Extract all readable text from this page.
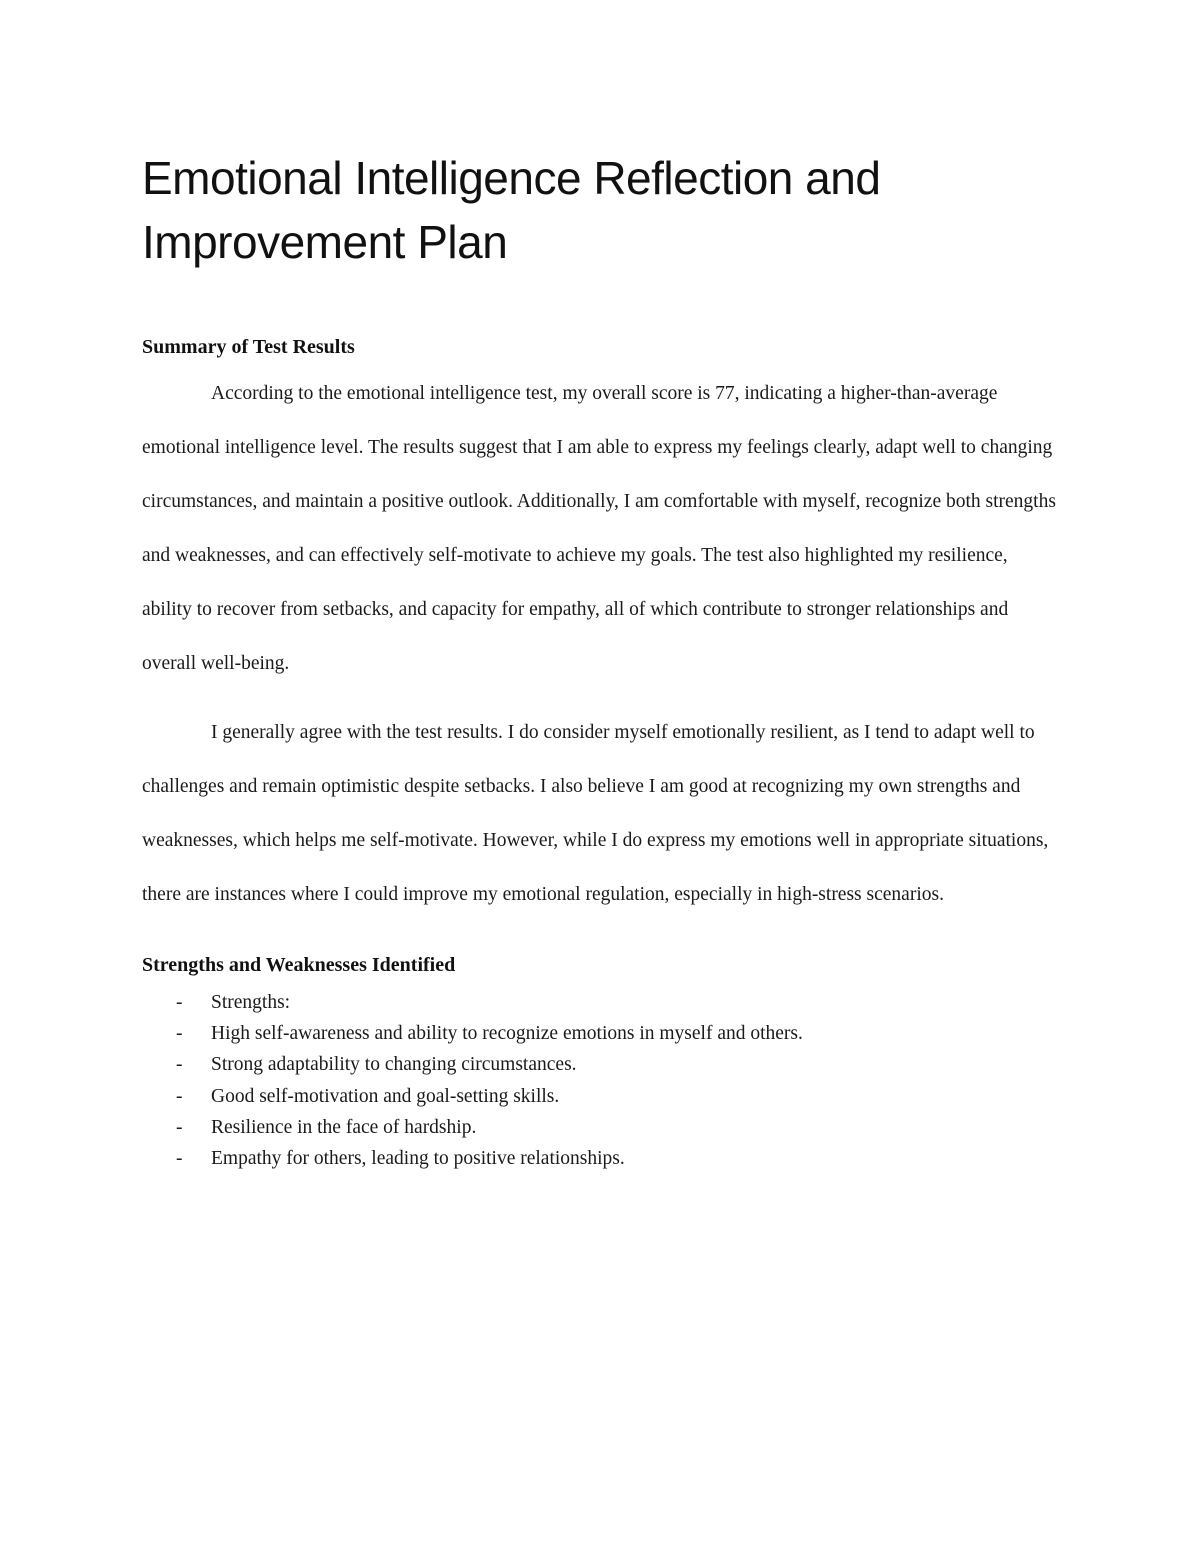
Emotional Intelligence Reflection and
Improvement Plan
Summary of Test Results

According to the emotional intelligence test, my overall score is 77, indicating a higher-than-average emotional intelligence level. The results suggest that I am able to express my feelings clearly, adapt well to changing circumstances, and maintain a positive outlook. Additionally, I am comfortable with myself, recognize both strengths and weaknesses, and can effectively self-motivate to achieve my goals. The test also highlighted my resilience, ability to recover from setbacks, and capacity for empathy, all of which contribute to stronger relationships and overall well-being.

I generally agree with the test results. I do consider myself emotionally resilient, as I tend to adapt well to challenges and remain optimistic despite setbacks. I also believe I am good at recognizing my own strengths and weaknesses, which helps me self-motivate. However, while I do express my emotions well in appropriate situations, there are instances where I could improve my emotional regulation, especially in high-stress scenarios.

Strengths and Weaknesses Identified
- Strengths:
- High self-awareness and ability to recognize emotions in myself and others.
- Strong adaptability to changing circumstances.
- Good self-motivation and goal-setting skills.
- Resilience in the face of hardship.
- Empathy for others, leading to positive relationships.
